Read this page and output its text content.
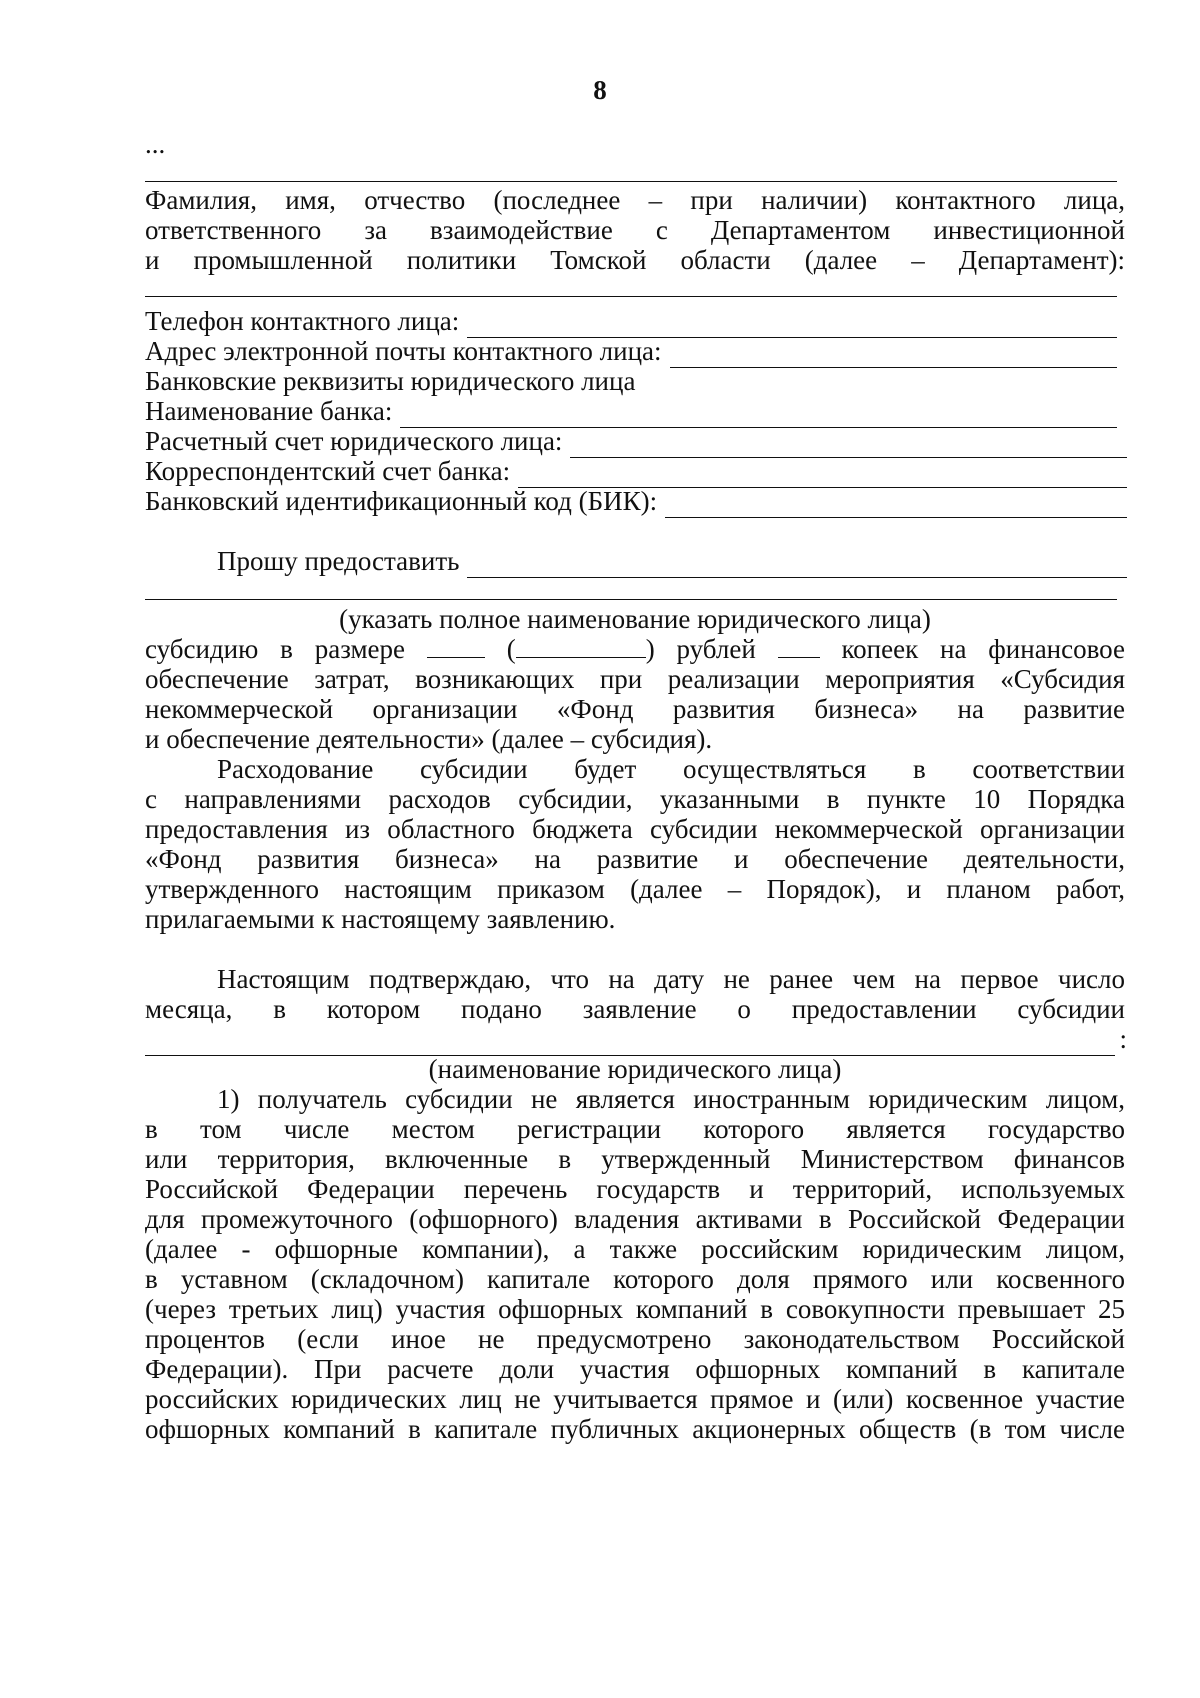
8
...
Фамилия, имя, отчество (последнее – при наличии) контактного лица,
ответственного за взаимодействие с Департаментом инвестиционной
и промышленной политики Томской области (далее – Департамент):
Телефон контактного лица:
Адрес электронной почты контактного лица:
Банковские реквизиты юридического лица
Наименование банка:
Расчетный счет юридического лица:
Корреспондентский счет банка:
Банковский идентификационный код (БИК):
Прошу предоставить
(указать полное наименование юридического лица)
субсидию в размере	(	) рублей	копеек на финансовое
обеспечение затрат, возникающих при реализации мероприятия «Субсидия
некоммерческой организации «Фонд развития бизнеса» на развитие
и обеспечение деятельности» (далее – субсидия).
Расходование субсидии будет осуществляться в соответствии
с направлениями расходов субсидии, указанными в пункте 10 Порядка
предоставления из областного бюджета субсидии некоммерческой организации
«Фонд развития бизнеса» на развитие и обеспечение деятельности,
утвержденного настоящим приказом (далее – Порядок), и планом работ,
прилагаемыми к настоящему заявлению.
Настоящим подтверждаю, что на дату не ранее чем на первое число
месяца, в котором подано заявление о предоставлении субсидии
:
(наименование юридического лица)
1) получатель субсидии не является иностранным юридическим лицом,
в том числе местом регистрации которого является государство
или территория, включенные в утвержденный Министерством финансов
Российской Федерации перечень государств и территорий, используемых
для промежуточного (офшорного) владения активами в Российской Федерации
(далее - офшорные компании), а также российским юридическим лицом,
в уставном (складочном) капитале которого доля прямого или косвенного
(через третьих лиц) участия офшорных компаний в совокупности превышает 25
процентов (если иное не предусмотрено законодательством Российской
Федерации). При расчете доли участия офшорных компаний в капитале
российских юридических лиц не учитывается прямое и (или) косвенное участие
офшорных компаний в капитале публичных акционерных обществ (в том числе
